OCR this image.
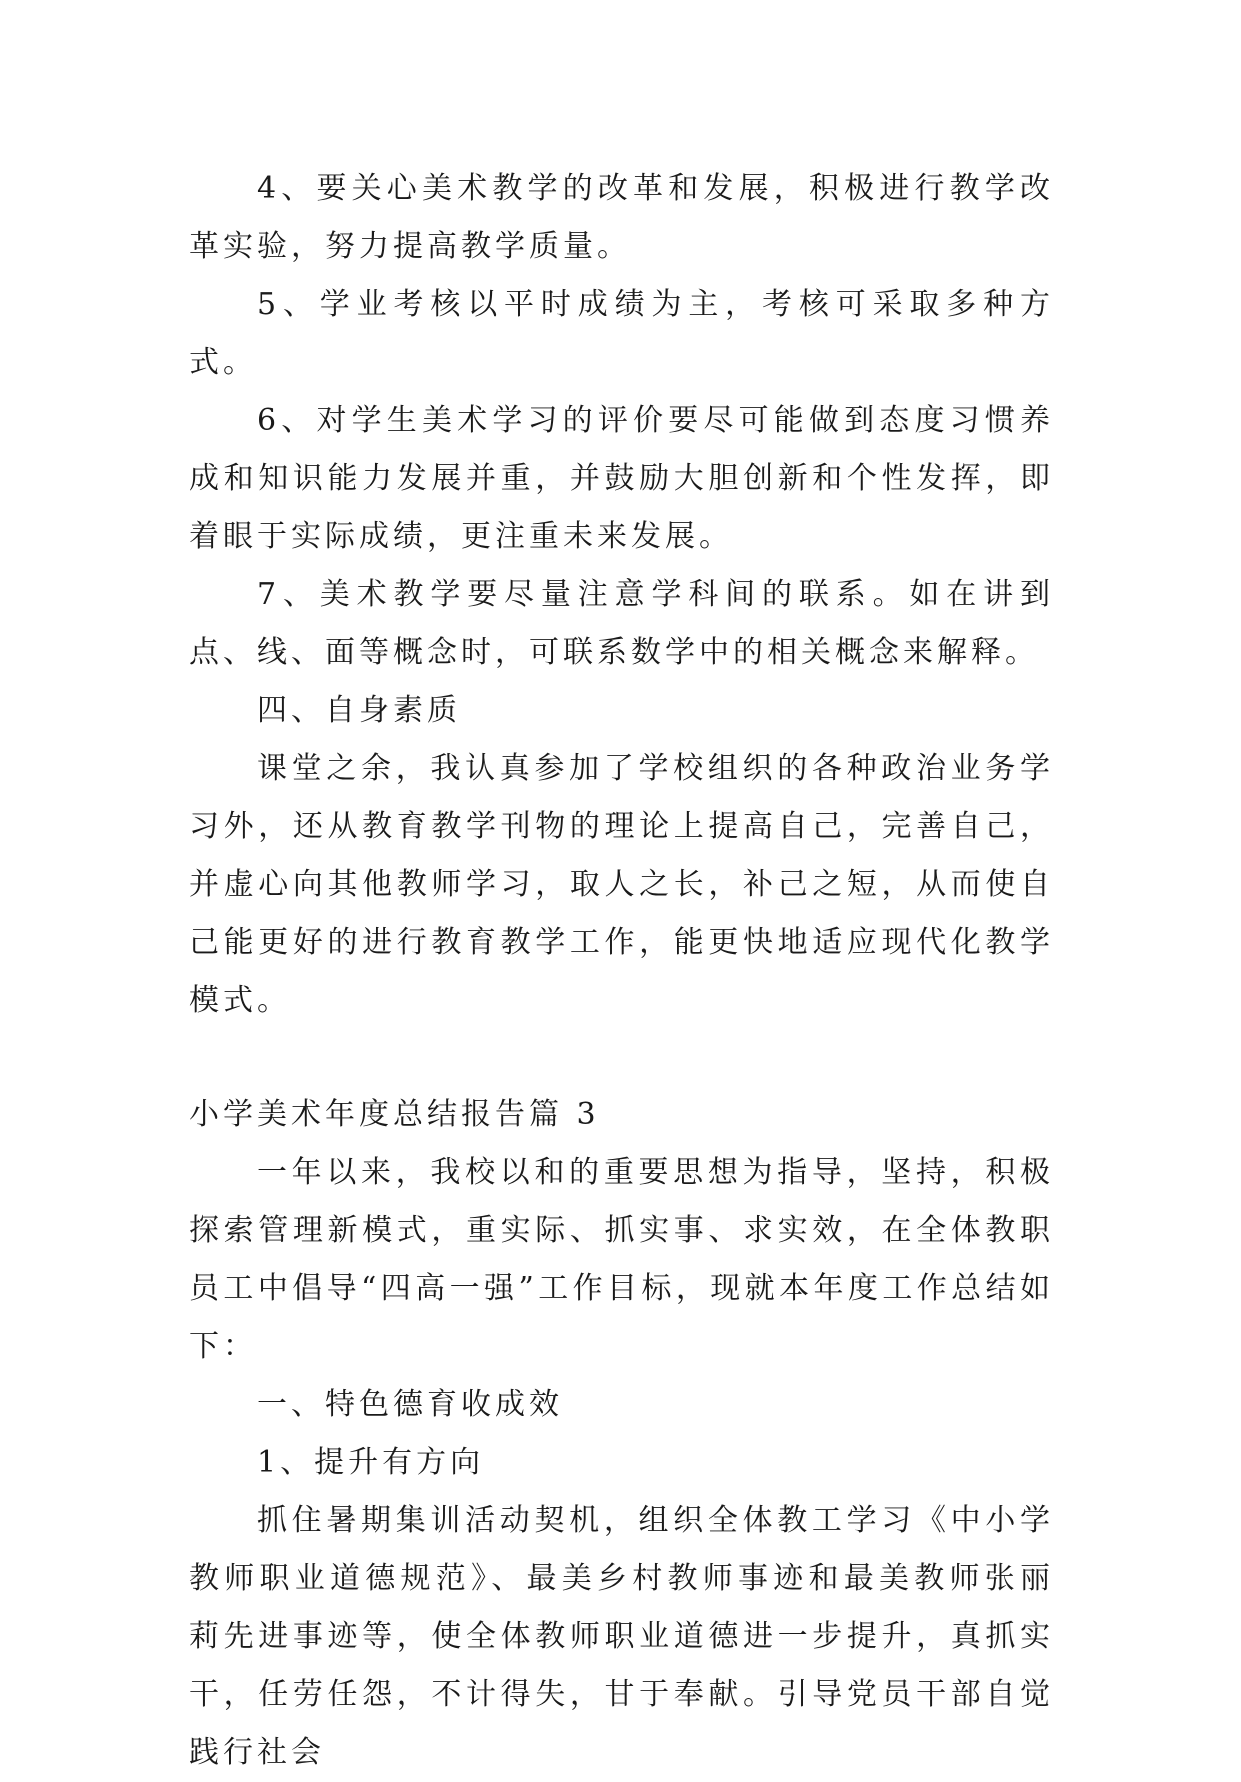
4、要关心美术教学的改革和发展，积极进行教学改革实验，努力提高教学质量。

5、学业考核以平时成绩为主，考核可采取多种方式。

6、对学生美术学习的评价要尽可能做到态度习惯养成和知识能力发展并重，并鼓励大胆创新和个性发挥，即着眼于实际成绩，更注重未来发展。

7、美术教学要尽量注意学科间的联系。如在讲到点、线、面等概念时，可联系数学中的相关概念来解释。

四、自身素质

课堂之余，我认真参加了学校组织的各种政治业务学习外，还从教育教学刊物的理论上提高自己，完善自己，并虚心向其他教师学习，取人之长，补己之短，从而使自己能更好的进行教育教学工作，能更快地适应现代化教学模式。

小学美术年度总结报告篇 3

一年以来，我校以和的重要思想为指导，坚持，积极探索管理新模式，重实际、抓实事、求实效，在全体教职员工中倡导“四高一强”工作目标，现就本年度工作总结如下：

一、特色德育收成效

1、提升有方向

抓住暑期集训活动契机，组织全体教工学习《中小学教师职业道德规范》、最美乡村教师事迹和最美教师张丽莉先进事迹等，使全体教师职业道德进一步提升，真抓实干，任劳任怨，不计得失，甘于奉献。引导党员干部自觉践行社会
